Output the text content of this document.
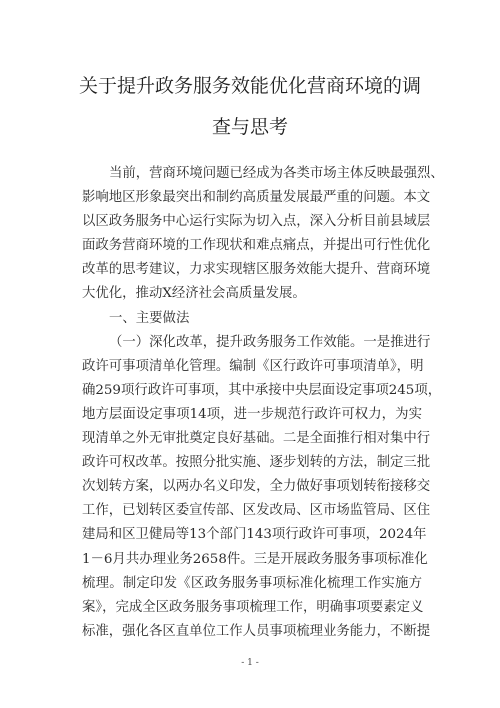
关于提升政务服务效能优化营商环境的调
查与思考
当前，营商环境问题已经成为各类市场主体反映最强烈、
影响地区形象最突出和制约高质量发展最严重的问题。本文
以区政务服务中心运行实际为切入点，深入分析目前县域层
面政务营商环境的工作现状和难点痛点，并提出可行性优化
改革的思考建议，力求实现辖区服务效能大提升、营商环境
大优化，推动X经济社会高质量发展。
一、主要做法
（一）深化改革，提升政务服务工作效能。一是推进行
政许可事项清单化管理。编制《区行政许可事项清单》，明
确259项行政许可事项，其中承接中央层面设定事项245项，
地方层面设定事项14项，进一步规范行政许可权力，为实
现清单之外无审批奠定良好基础。二是全面推行相对集中行
政许可权改革。按照分批实施、逐步划转的方法，制定三批
次划转方案，以两办名义印发，全力做好事项划转衔接移交
工作，已划转区委宣传部、区发改局、区市场监管局、区住
建局和区卫健局等13个部门143项行政许可事项，2024年
1－6月共办理业务2658件。三是开展政务服务事项标准化
梳理。制定印发《区政务服务事项标准化梳理工作实施方
案》，完成全区政务服务事项梳理工作，明确事项要素定义
标准，强化各区直单位工作人员事项梳理业务能力，不断提
- 1 -
